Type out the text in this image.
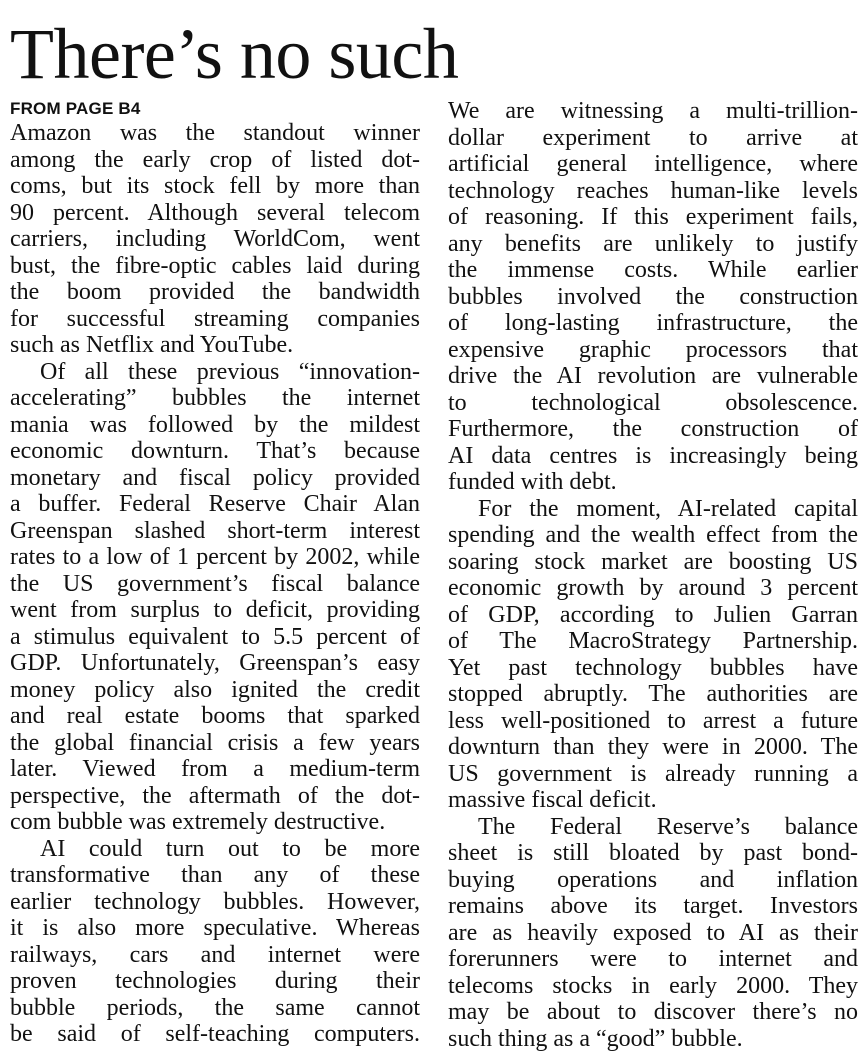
There’s no such
FROM PAGE B4
Amazon was the standout winner
among the early crop of listed dot-
coms, but its stock fell by more than
90 percent. Although several telecom
carriers, including WorldCom, went
bust, the fibre-optic cables laid during
the boom provided the bandwidth
for successful streaming companies
such as Netflix and YouTube.
Of all these previous “innovation-
accelerating” bubbles the internet
mania was followed by the mildest
economic downturn. That’s because
monetary and fiscal policy provided
a buffer. Federal Reserve Chair Alan
Greenspan slashed short-term interest
rates to a low of 1 percent by 2002, while
the US government’s fiscal balance
went from surplus to deficit, providing
a stimulus equivalent to 5.5 percent of
GDP. Unfortunately, Greenspan’s easy
money policy also ignited the credit
and real estate booms that sparked
the global financial crisis a few years
later. Viewed from a medium-term
perspective, the aftermath of the dot-
com bubble was extremely destructive.
AI could turn out to be more
transformative than any of these
earlier technology bubbles. However,
it is also more speculative. Whereas
railways, cars and internet were
proven technologies during their
bubble periods, the same cannot
be said of self-teaching computers.
We are witnessing a multi-trillion-
dollar experiment to arrive at
artificial general intelligence, where
technology reaches human-like levels
of reasoning. If this experiment fails,
any benefits are unlikely to justify
the immense costs. While earlier
bubbles involved the construction
of long-lasting infrastructure, the
expensive graphic processors that
drive the AI revolution are vulnerable
to technological obsolescence.
Furthermore, the construction of
AI data centres is increasingly being
funded with debt.
For the moment, AI-related capital
spending and the wealth effect from the
soaring stock market are boosting US
economic growth by around 3 percent
of GDP, according to Julien Garran
of The MacroStrategy Partnership.
Yet past technology bubbles have
stopped abruptly. The authorities are
less well-positioned to arrest a future
downturn than they were in 2000. The
US government is already running a
massive fiscal deficit.
The Federal Reserve’s balance
sheet is still bloated by past bond-
buying operations and inflation
remains above its target. Investors
are as heavily exposed to AI as their
forerunners were to internet and
telecoms stocks in early 2000. They
may be about to discover there’s no
such thing as a “good” bubble.
